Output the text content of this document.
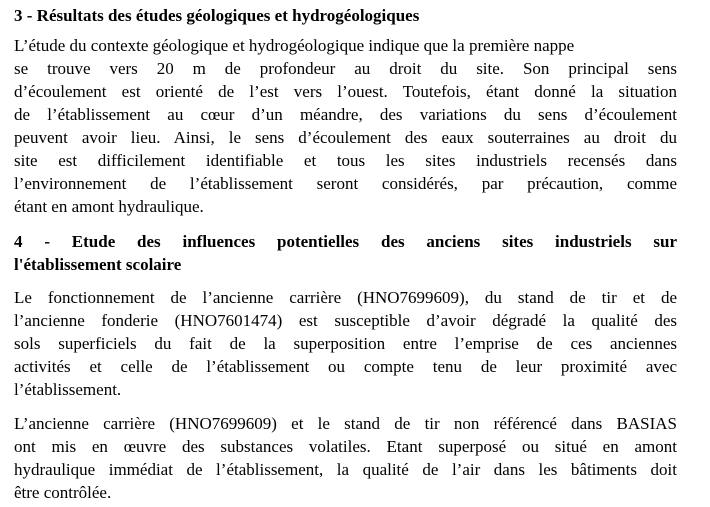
3 - Résultats des études géologiques et hydrogéologiques
L’étude du contexte géologique et hydrogéologique indique que la première nappe
se trouve vers 20 m de profondeur au droit du site. Son principal sens
d’écoulement est orienté de l’est vers l’ouest. Toutefois, étant donné la situation
de l’établissement au cœur d’un méandre, des variations du sens d’écoulement
peuvent avoir lieu. Ainsi, le sens d’écoulement des eaux souterraines au droit du
site est difficilement identifiable et tous les sites industriels recensés dans
l’environnement de l’établissement seront considérés, par précaution, comme
étant en amont hydraulique.
4 - Etude des influences potentielles des anciens sites industriels sur
l'établissement scolaire
Le fonctionnement de l’ancienne carrière (HNO7699609), du stand de tir et de
l’ancienne fonderie (HNO7601474) est susceptible d’avoir dégradé la qualité des
sols superficiels du fait de la superposition entre l’emprise de ces anciennes
activités et celle de l’établissement ou compte tenu de leur proximité avec
l’établissement.
L’ancienne carrière (HNO7699609) et le stand de tir non référencé dans BASIAS
ont mis en œuvre des substances volatiles. Etant superposé ou situé en amont
hydraulique immédiat de l’établissement, la qualité de l’air dans les bâtiments doit
être contrôlée.
